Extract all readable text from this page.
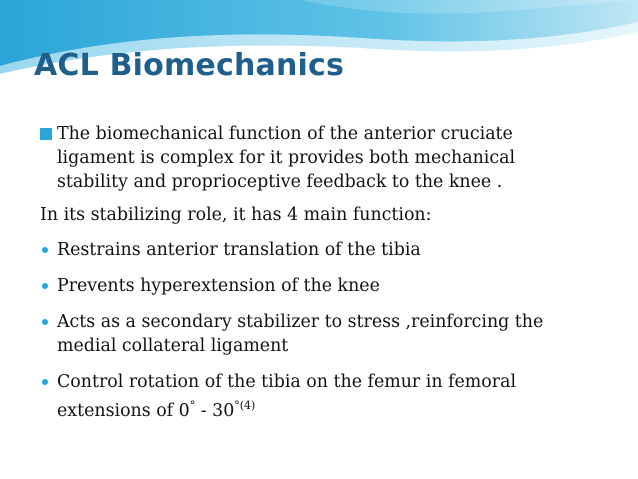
ACL Biomechanics
The biomechanical function of the anterior cruciate
ligament is complex for it provides both mechanical
stability and proprioceptive feedback to the knee .
In its stabilizing role, it has 4 main function:
Restrains anterior translation of the tibia
Prevents hyperextension of the knee
Acts as a secondary stabilizer to stress ,reinforcing the
medial collateral ligament
Control rotation of the tibia on the femur in femoral
extensions of $0^\circ - 30^{^\circ(4)}$
